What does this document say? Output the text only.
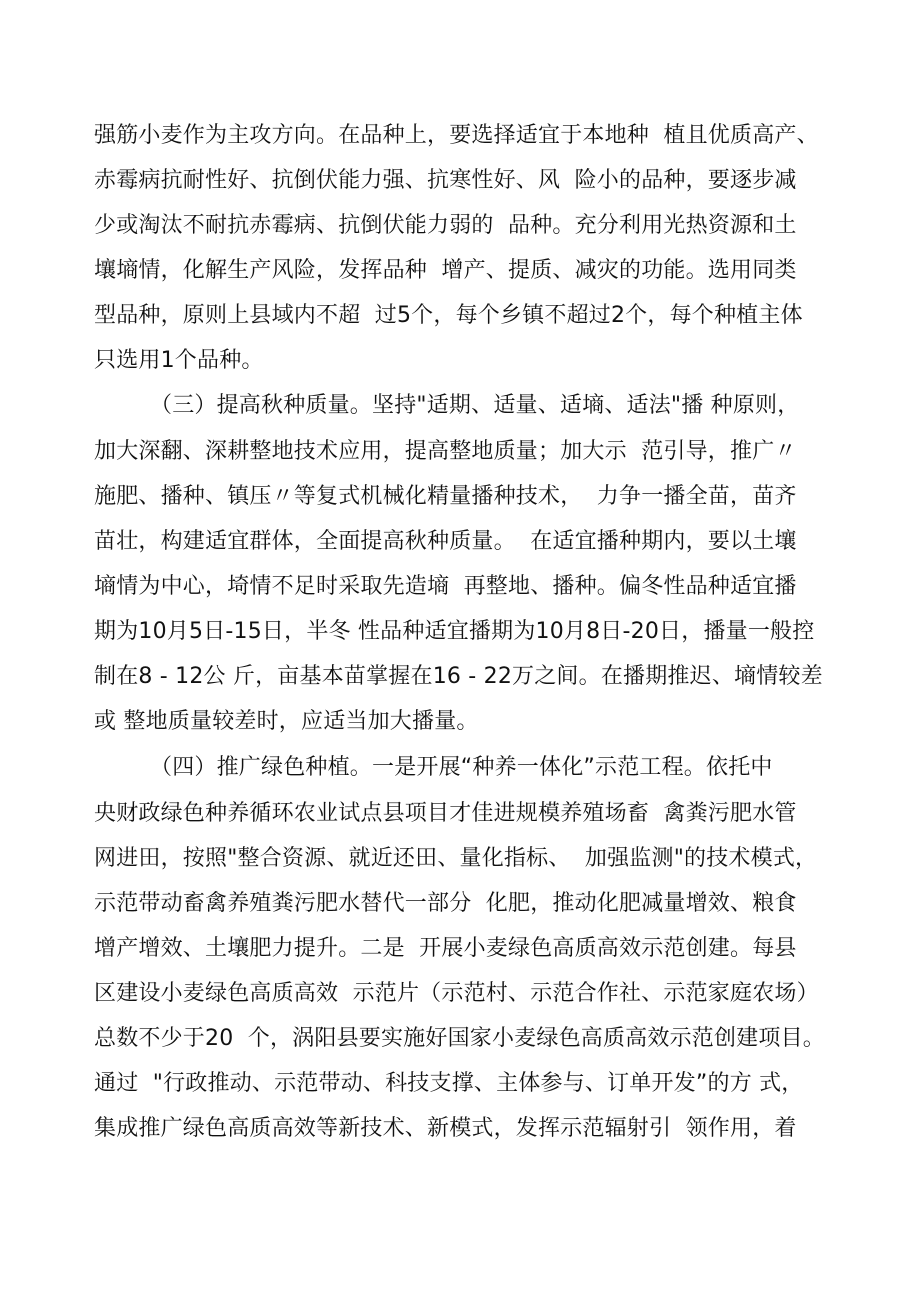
强筋小麦作为主攻方向。在品种上，要选择适宜于本地种  植且优质高产、
赤霉病抗耐性好、抗倒伏能力强、抗寒性好、风  险小的品种，要逐步减
少或淘汰不耐抗赤霉病、抗倒伏能力弱的  品种。充分利用光热资源和土
壤墒情，化解生产风险，发挥品种  增产、提质、减灾的功能。选用同类
型品种，原则上县域内不超  过5个，每个乡镇不超过2个，每个种植主体
只选用1个品种。
（三）提高秋种质量。坚持"适期、适量、适墒、适法"播 种原则，
加大深翻、深耕整地技术应用，提高整地质量；加大示  范引导，推广〃
施肥、播种、镇压〃等复式机械化精量播种技术，  力争一播全苗，苗齐
苗壮，构建适宜群体，全面提高秋种质量。  在适宜播种期内，要以土壤
墒情为中心，埼情不足时采取先造墒  再整地、播种。偏冬性品种适宜播
期为10月5日-15日，半冬 性品种适宜播期为10月8日-20日，播量一般控
制在8 - 12公 斤，亩基本苗掌握在16 - 22万之间。在播期推迟、墒情较差
或 整地质量较差时，应适当加大播量。
（四）推广绿色种植。一是开展“种养一体化”示范工程。依托中
央财政绿色种养循环农业试点县项目才佳进规模养殖场畜  禽粪污肥水管
网进田，按照"整合资源、就近还田、量化指标、  加强监测"的技术模式，
示范带动畜禽养殖粪污肥水替代一部分  化肥，推动化肥减量增效、粮食
增产增效、土壤肥力提升。二是  开展小麦绿色高质高效示范创建。每县
区建设小麦绿色高质高效  示范片（示范村、示范合作社、示范家庭农场）
总数不少于20  个，涡阳县要实施好国家小麦绿色高质高效示范创建项目。
通过  "行政推动、示范带动、科技支撑、主体参与、订单开发”的方 式，
集成推广绿色高质高效等新技术、新模式，发挥示范辐射引  领作用，着
